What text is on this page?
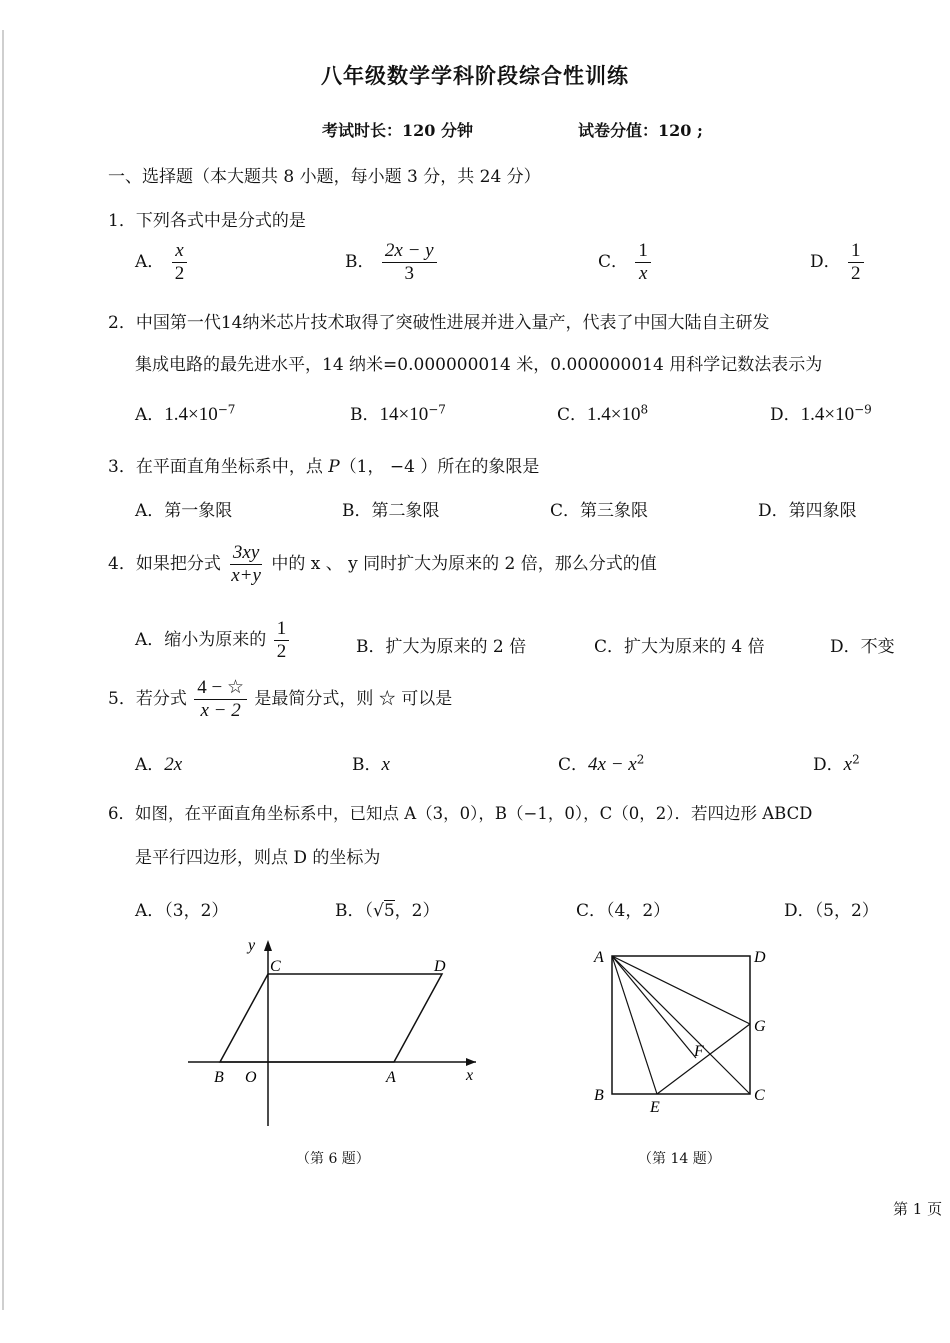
八年级数学学科阶段综合性训练
考试时长：120 分钟	试卷分值：120 ;
一、选择题（本大题共 8 小题，每小题 3 分，共 24 分）
1．下列各式中是分式的是
A． $\frac{x}{2}$	B． $\frac{2x - y}{3}$	C． $\frac{1}{x}$	D． $\frac{1}{2}$
2．中国第一代14纳米芯片技术取得了突破性进展并进入量产，代表了中国大陆自主研发
集成电路的最先进水平，14 纳米=0.000000014 米，0.000000014 用科学记数法表示为
A．$1.4\times 10^{-7}$	B．$14\times 10^{-7}$	C．$1.4\times 10^8$	D．$1.4\times 10^{-9}$
3．在平面直角坐标系中，点 P（1， −4 ）所在的象限是
A．第一象限	B．第二象限	C．第三象限	D．第四象限
4．如果把分式 $\frac{3xy}{x+y}$ 中的 x 、 y 同时扩大为原来的 2 倍，那么分式的值
A．缩小为原来的 $\frac{1}{2}$	B．扩大为原来的 2 倍	C．扩大为原来的 4 倍	D．不变
5．若分式 $\frac{4 - ☆}{x - 2}$ 是最简分式，则 ☆ 可以是
A．2x	B．x	C．$4x - x^2$	D．$x^2$
6．如图，在平面直角坐标系中，已知点 A（3，0），B（−1，0），C（0，2）．若四边形 ABCD
是平行四边形，则点 D 的坐标为
A．（3，2）	B．（√5，2）	C．（4，2）	D．（5，2）
y
x
C	D
B O	A
（第 6 题）
A	D
G
F
B
E
C
（第 14 题）
第 1 页
